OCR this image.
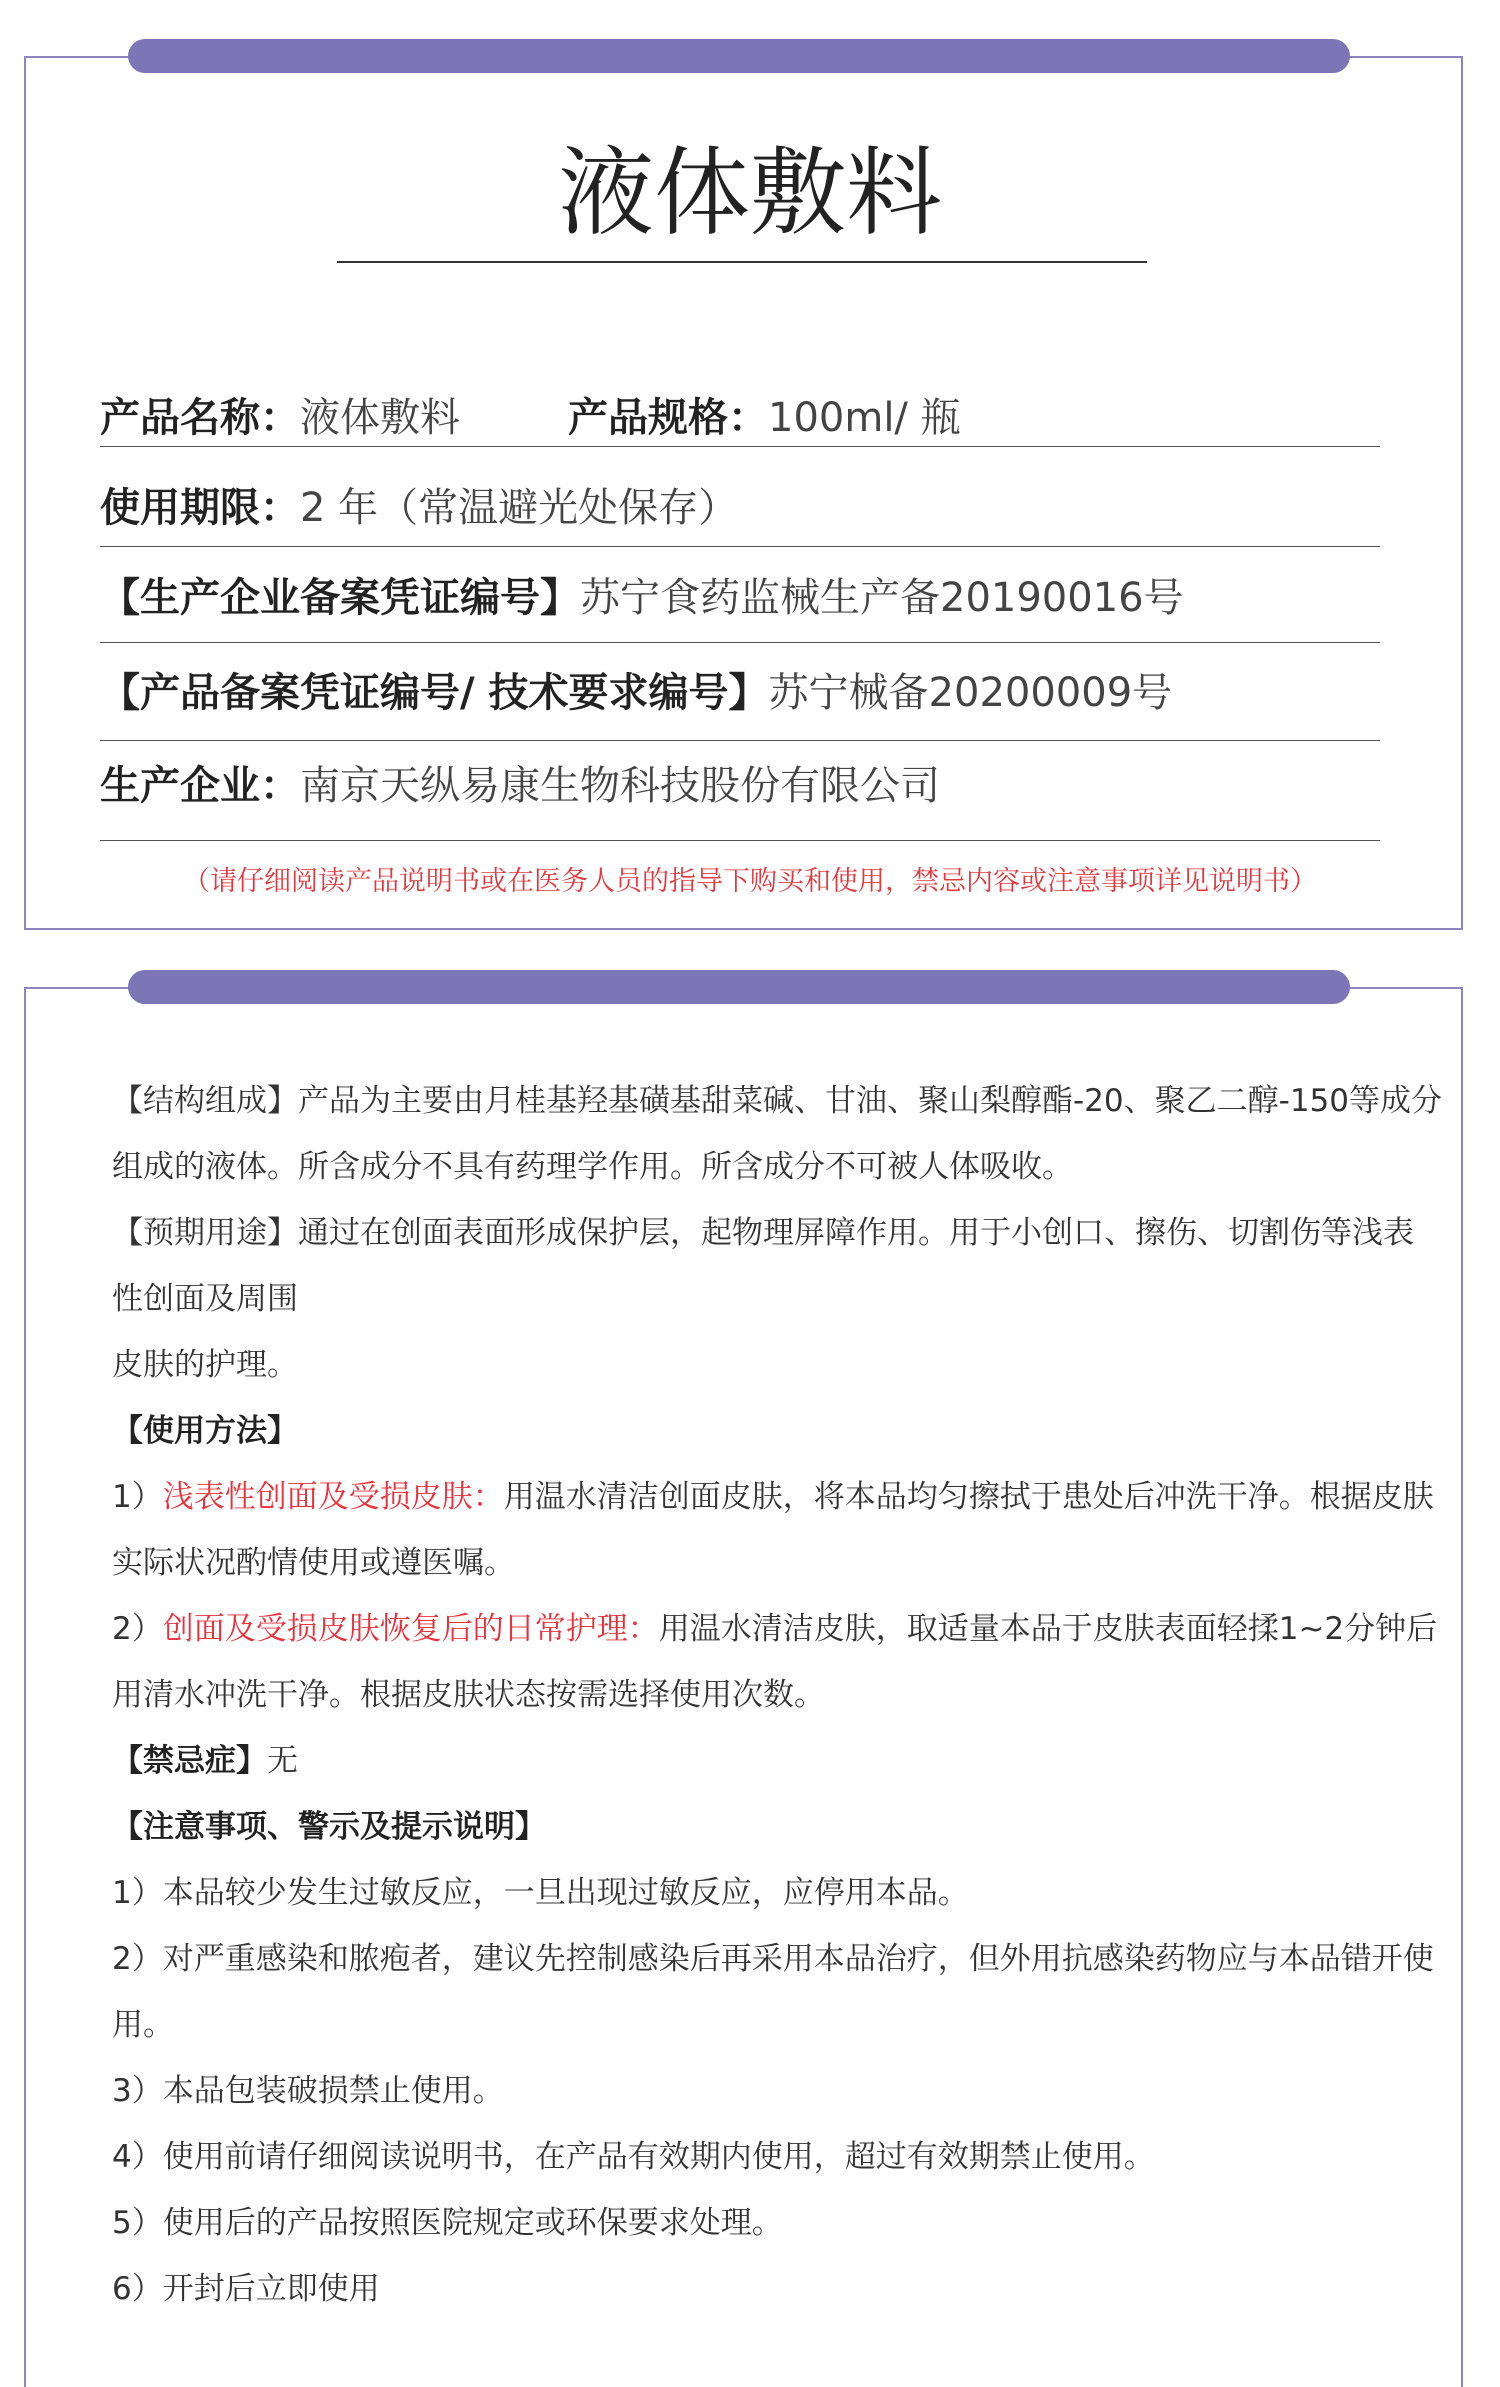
液体敷料
产品名称：液体敷料	产品规格：100ml/ 瓶
使用期限：2 年（常温避光处保存）
【生产企业备案凭证编号】苏宁食药监械生产备20190016号
【产品备案凭证编号/ 技术要求编号】苏宁械备20200009号
生产企业：南京天纵易康生物科技股份有限公司
（请仔细阅读产品说明书或在医务人员的指导下购买和使用，禁忌内容或注意事项详见说明书）

【结构组成】产品为主要由月桂基羟基磺基甜菜碱、甘油、聚山梨醇酯-20、聚乙二醇-150等成分组成的液体。所含成分不具有药理学作用。所含成分不可被人体吸收。

【预期用途】通过在创面表面形成保护层，起物理屏障作用。用于小创口、擦伤、切割伤等浅表性创面及周围

皮肤的护理。

【使用方法】

1）浅表性创面及受损皮肤：用温水清洁创面皮肤，将本品均匀擦拭于患处后冲洗干净。根据皮肤实际状况酌情使用或遵医嘱。

2）创面及受损皮肤恢复后的日常护理：用温水清洁皮肤，取适量本品于皮肤表面轻揉1~2分钟后用清水冲洗干净。根据皮肤状态按需选择使用次数。

【禁忌症】无

【注意事项、警示及提示说明】

1）本品较少发生过敏反应，一旦出现过敏反应，应停用本品。

2）对严重感染和脓疱者，建议先控制感染后再采用本品治疗，但外用抗感染药物应与本品错开使用。

3）本品包装破损禁止使用。

4）使用前请仔细阅读说明书，在产品有效期内使用，超过有效期禁止使用。

5）使用后的产品按照医院规定或环保要求处理。

6）开封后立即使用
